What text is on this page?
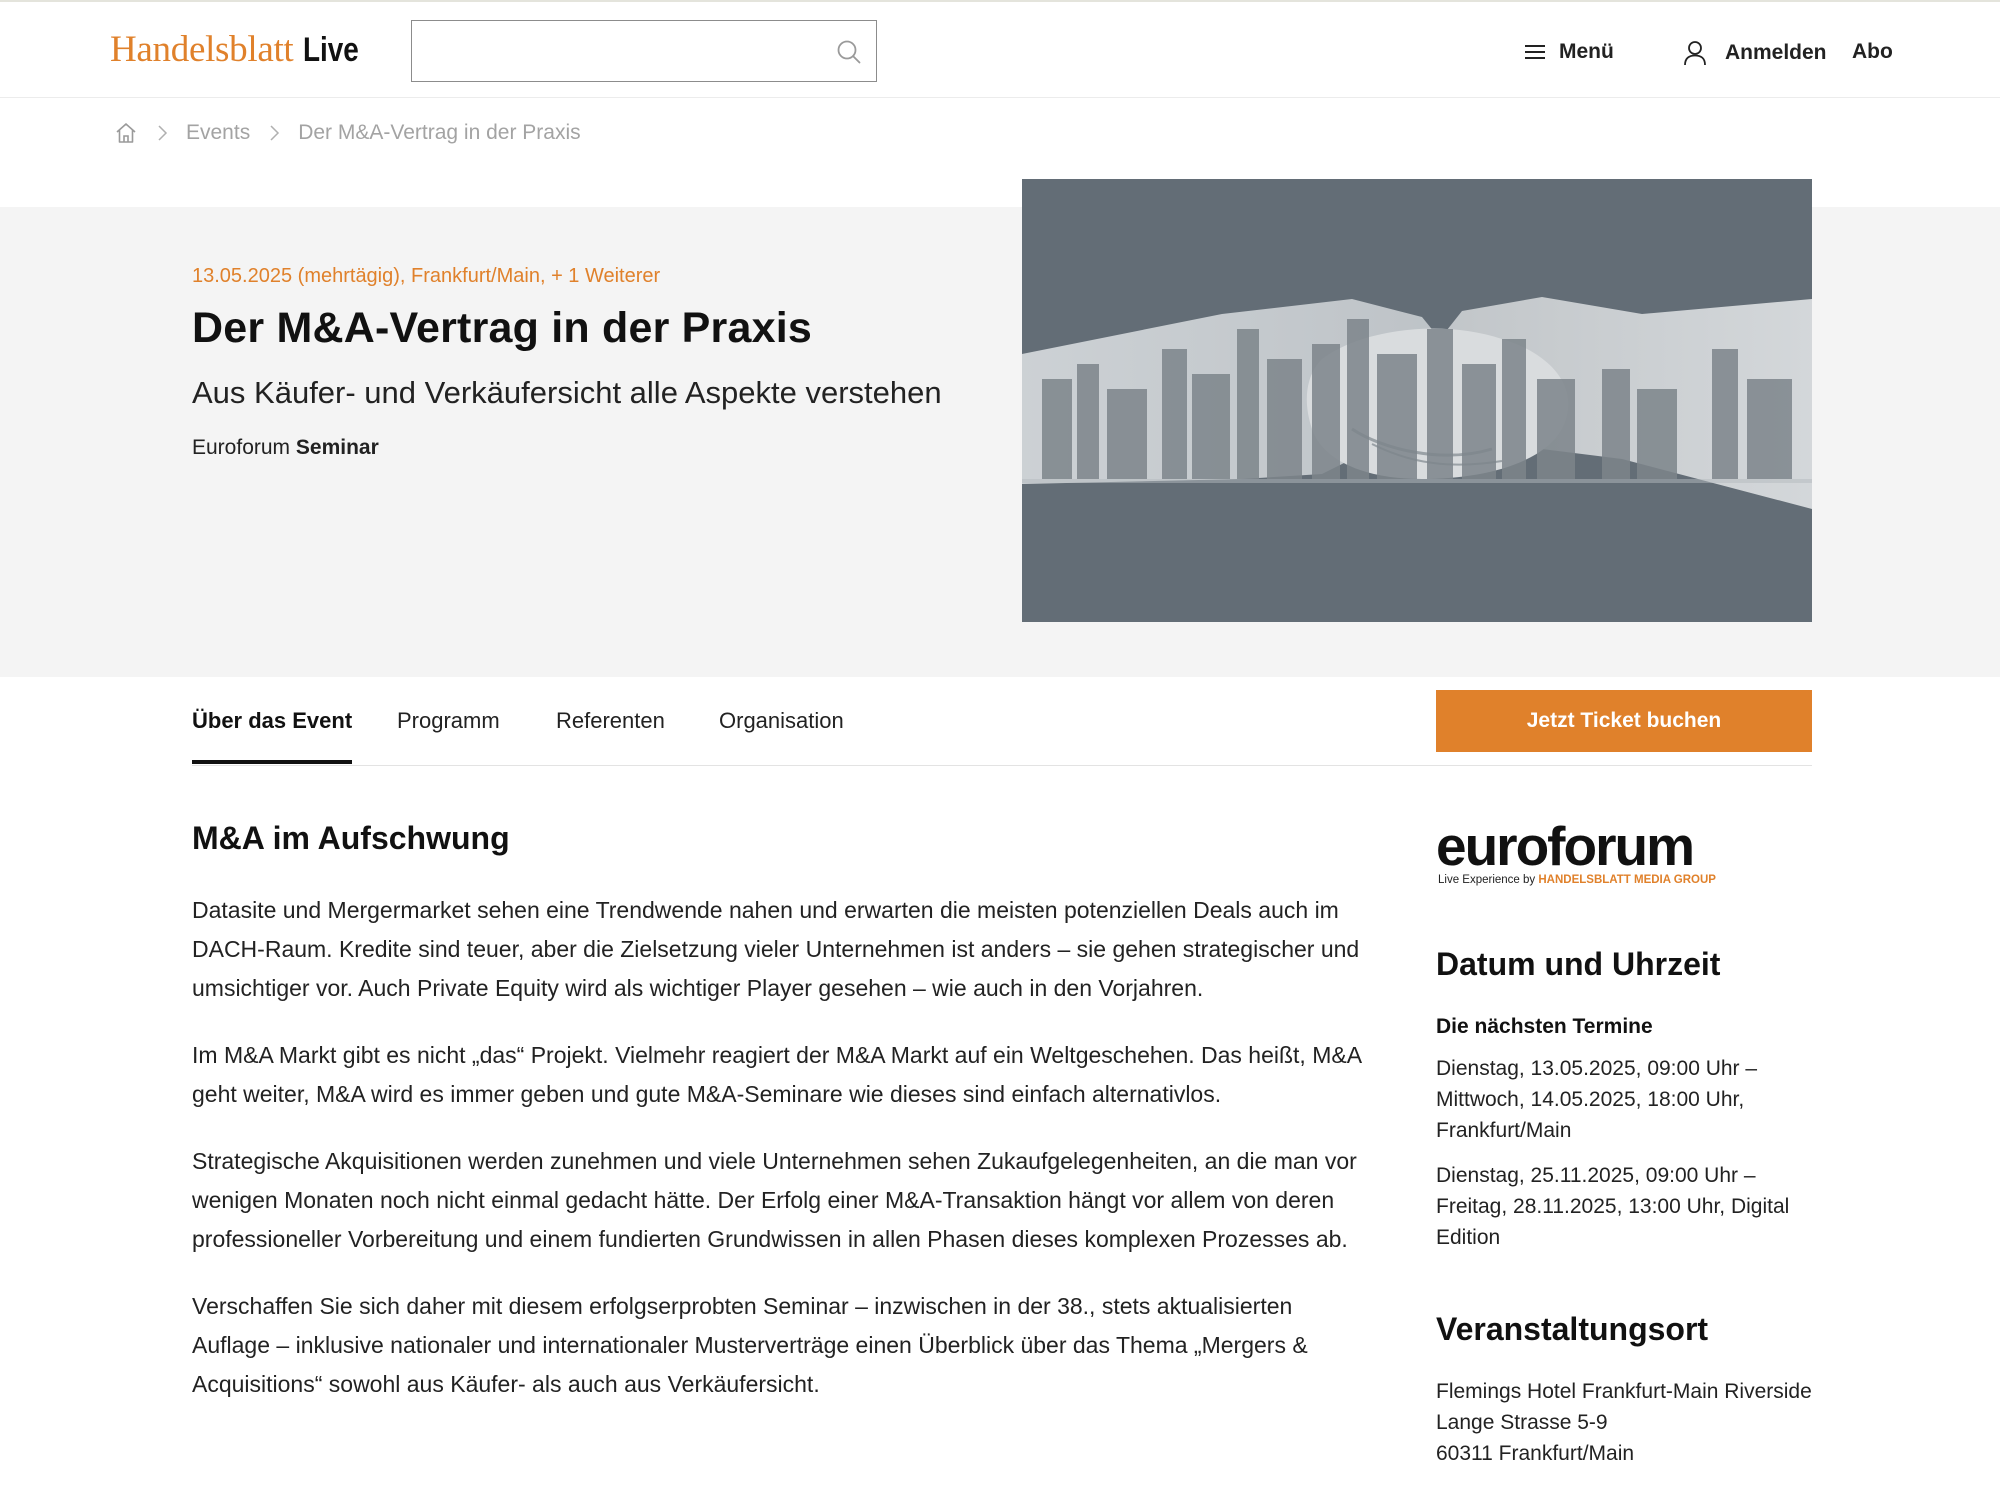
Handelsblatt Live	Menü	Anmelden Abo
Events Der M&A-Vertrag in der Praxis
13.05.2025 (mehrtägig), Frankfurt/Main, + 1 Weiterer
Der M&A-Vertrag in der Praxis
Aus Käufer- und Verkäufersicht alle Aspekte verstehen
Euroforum Seminar
Über das Event Programm	Referenten Organisation	Jetzt Ticket buchen
M&A im Aufschwung

Datasite und Mergermarket sehen eine Trendwende nahen und erwarten die meisten potenziellen Deals auch im DACH-Raum. Kredite sind teuer, aber die Zielsetzung vieler Unternehmen ist anders – sie gehen strategischer und umsichtiger vor. Auch Private Equity wird als wichtiger Player gesehen – wie auch in den Vorjahren.

Im M&A Markt gibt es nicht „das“ Projekt. Vielmehr reagiert der M&A Markt auf ein Weltgeschehen. Das heißt, M&A geht weiter, M&A wird es immer geben und gute M&A-Seminare wie dieses sind einfach alternativlos.

Strategische Akquisitionen werden zunehmen und viele Unternehmen sehen Zukaufgelegenheiten, an die man vor wenigen Monaten noch nicht einmal gedacht hätte. Der Erfolg einer M&A-Transaktion hängt vor allem von deren professioneller Vorbereitung und einem fundierten Grundwissen in allen Phasen dieses komplexen Prozesses ab.

Verschaffen Sie sich daher mit diesem erfolgserprobten Seminar – inzwischen in der 38., stets aktualisierten Auflage – inklusive nationaler und internationaler Musterverträge einen Überblick über das Thema „Mergers & Acquisitions“ sowohl aus Käufer- als auch aus Verkäufersicht.

euroforum
Live Experience by HANDELSBLATT MEDIA GROUP
Datum und Uhrzeit
Die nächsten Termine
Dienstag, 13.05.2025, 09:00 Uhr – Mittwoch, 14.05.2025, 18:00 Uhr, Frankfurt/Main
Dienstag, 25.11.2025, 09:00 Uhr – Freitag, 28.11.2025, 13:00 Uhr, Digital Edition
Veranstaltungsort
Flemings Hotel Frankfurt-Main Riverside
Lange Strasse 5-9
60311 Frankfurt/Main
